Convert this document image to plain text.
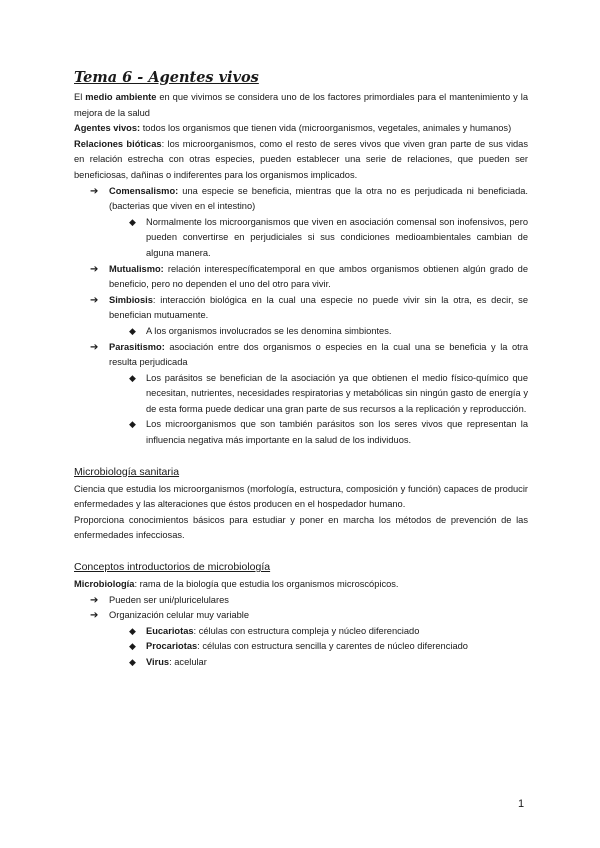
Tema 6 - Agentes vivos

El medio ambiente en que vivimos se considera uno de los factores primordiales para el mantenimiento y la mejora de la salud

Agentes vivos: todos los organismos que tienen vida (microorganismos, vegetales, animales y humanos)

Relaciones bióticas: los microorganismos, como el resto de seres vivos que viven gran parte de sus vidas en relación estrecha con otras especies, pueden establecer una serie de relaciones, que pueden ser beneficiosas, dañinas o indiferentes para los organismos implicados.

➔ Comensalismo: una especie se beneficia, mientras que la otra no es perjudicada ni beneficiada. (bacterias que viven en el intestino)
◆ Normalmente los microorganismos que viven en asociación comensal son inofensivos, pero pueden convertirse en perjudiciales si sus condiciones medioambientales cambian de alguna manera.
➔ Mutualismo: relación interespecíficatemporal en que ambos organismos obtienen algún grado de beneficio, pero no dependen el uno del otro para vivir.
➔ Simbiosis: interacción biológica en la cual una especie no puede vivir sin la otra, es decir, se benefician mutuamente.
◆ A los organismos involucrados se les denomina simbiontes.
➔ Parasitismo: asociación entre dos organismos o especies en la cual una se beneficia y la otra resulta perjudicada
◆ Los parásitos se benefician de la asociación ya que obtienen el medio físico-químico que necesitan, nutrientes, necesidades respiratorias y metabólicas sin ningún gasto de energía y de esta forma puede dedicar una gran parte de sus recursos a la replicación y reproducción.
◆ Los microorganismos que son también parásitos son los seres vivos que representan la influencia negativa más importante en la salud de los individuos.
Microbiología sanitaria

Ciencia que estudia los microorganismos (morfología, estructura, composición y función) capaces de producir enfermedades y las alteraciones que éstos producen en el hospedador humano.

Proporciona conocimientos básicos para estudiar y poner en marcha los métodos de prevención de las enfermedades infecciosas.

Conceptos introductorios de microbiología

Microbiología: rama de la biología que estudia los organismos microscópicos.

➔ Pueden ser uni/pluricelulares
➔ Organización celular muy variable
◆ Eucariotas: células con estructura compleja y núcleo diferenciado
◆ Procariotas: células con estructura sencilla y carentes de núcleo diferenciado
◆ Virus: acelular
1
